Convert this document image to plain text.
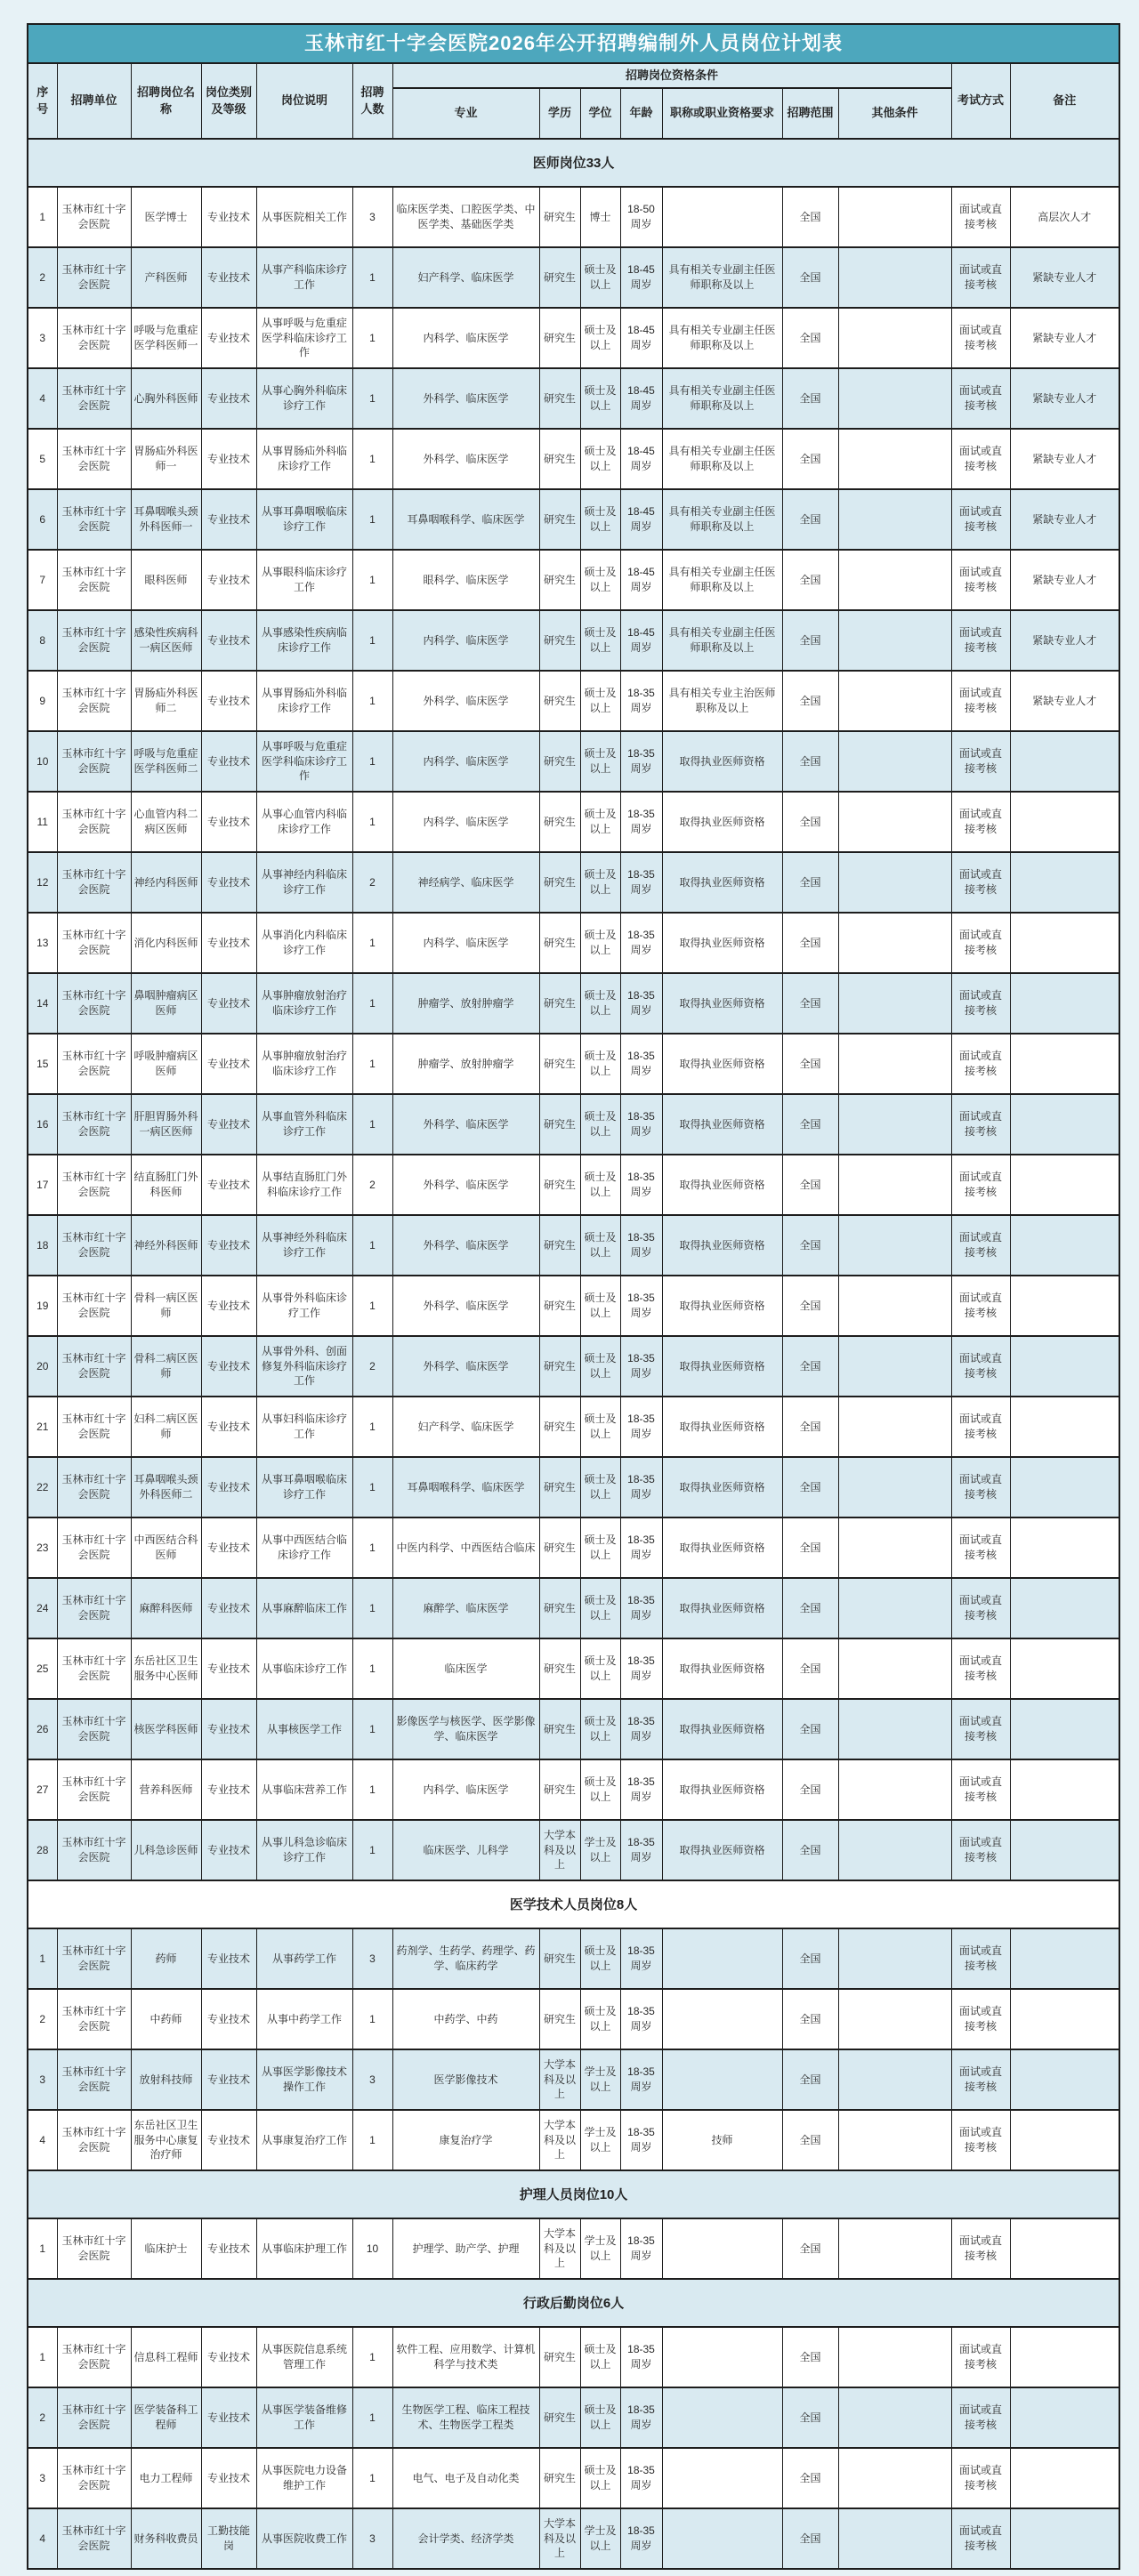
玉林市红十字会医院2026年公开招聘编制外人员岗位计划表														
序号	招聘单位	招聘岗位名称	岗位类别及等级	岗位说明	招聘人数	招聘岗位资格条件							考试方式	备注
						专业	学历	学位	年龄	职称或职业资格要求	招聘范围	其他条件		
医师岗位33人														
1	玉林市红十字会医院	医学博士	专业技术	从事医院相关工作	3	临床医学类、口腔医学类、中医学类、基础医学类	研究生	博士	18-50周岁		全国		面试或直接考核	高层次人才
2	玉林市红十字会医院	产科医师	专业技术	从事产科临床诊疗工作	1	妇产科学、临床医学	研究生	硕士及以上	18-45周岁	具有相关专业副主任医师职称及以上	全国		面试或直接考核	紧缺专业人才
3	玉林市红十字会医院	呼吸与危重症医学科医师一	专业技术	从事呼吸与危重症医学科临床诊疗工作	1	内科学、临床医学	研究生	硕士及以上	18-45周岁	具有相关专业副主任医师职称及以上	全国		面试或直接考核	紧缺专业人才
4	玉林市红十字会医院	心胸外科医师	专业技术	从事心胸外科临床诊疗工作	1	外科学、临床医学	研究生	硕士及以上	18-45周岁	具有相关专业副主任医师职称及以上	全国		面试或直接考核	紧缺专业人才
5	玉林市红十字会医院	胃肠疝外科医师一	专业技术	从事胃肠疝外科临床诊疗工作	1	外科学、临床医学	研究生	硕士及以上	18-45周岁	具有相关专业副主任医师职称及以上	全国		面试或直接考核	紧缺专业人才
6	玉林市红十字会医院	耳鼻咽喉头颈外科医师一	专业技术	从事耳鼻咽喉临床诊疗工作	1	耳鼻咽喉科学、临床医学	研究生	硕士及以上	18-45周岁	具有相关专业副主任医师职称及以上	全国		面试或直接考核	紧缺专业人才
7	玉林市红十字会医院	眼科医师	专业技术	从事眼科临床诊疗工作	1	眼科学、临床医学	研究生	硕士及以上	18-45周岁	具有相关专业副主任医师职称及以上	全国		面试或直接考核	紧缺专业人才
8	玉林市红十字会医院	感染性疾病科一病区医师	专业技术	从事感染性疾病临床诊疗工作	1	内科学、临床医学	研究生	硕士及以上	18-45周岁	具有相关专业副主任医师职称及以上	全国		面试或直接考核	紧缺专业人才
9	玉林市红十字会医院	胃肠疝外科医师二	专业技术	从事胃肠疝外科临床诊疗工作	1	外科学、临床医学	研究生	硕士及以上	18-35周岁	具有相关专业主治医师职称及以上	全国		面试或直接考核	紧缺专业人才
10	玉林市红十字会医院	呼吸与危重症医学科医师二	专业技术	从事呼吸与危重症医学科临床诊疗工作	1	内科学、临床医学	研究生	硕士及以上	18-35周岁	取得执业医师资格	全国		面试或直接考核	
11	玉林市红十字会医院	心血管内科二病区医师	专业技术	从事心血管内科临床诊疗工作	1	内科学、临床医学	研究生	硕士及以上	18-35周岁	取得执业医师资格	全国		面试或直接考核	
12	玉林市红十字会医院	神经内科医师	专业技术	从事神经内科临床诊疗工作	2	神经病学、临床医学	研究生	硕士及以上	18-35周岁	取得执业医师资格	全国		面试或直接考核	
13	玉林市红十字会医院	消化内科医师	专业技术	从事消化内科临床诊疗工作	1	内科学、临床医学	研究生	硕士及以上	18-35周岁	取得执业医师资格	全国		面试或直接考核	
14	玉林市红十字会医院	鼻咽肿瘤病区医师	专业技术	从事肿瘤放射治疗临床诊疗工作	1	肿瘤学、放射肿瘤学	研究生	硕士及以上	18-35周岁	取得执业医师资格	全国		面试或直接考核	
15	玉林市红十字会医院	呼吸肿瘤病区医师	专业技术	从事肿瘤放射治疗临床诊疗工作	1	肿瘤学、放射肿瘤学	研究生	硕士及以上	18-35周岁	取得执业医师资格	全国		面试或直接考核	
16	玉林市红十字会医院	肝胆胃肠外科一病区医师	专业技术	从事血管外科临床诊疗工作	1	外科学、临床医学	研究生	硕士及以上	18-35周岁	取得执业医师资格	全国		面试或直接考核	
17	玉林市红十字会医院	结直肠肛门外科医师	专业技术	从事结直肠肛门外科临床诊疗工作	2	外科学、临床医学	研究生	硕士及以上	18-35周岁	取得执业医师资格	全国		面试或直接考核	
18	玉林市红十字会医院	神经外科医师	专业技术	从事神经外科临床诊疗工作	1	外科学、临床医学	研究生	硕士及以上	18-35周岁	取得执业医师资格	全国		面试或直接考核	
19	玉林市红十字会医院	骨科一病区医师	专业技术	从事骨外科临床诊疗工作	1	外科学、临床医学	研究生	硕士及以上	18-35周岁	取得执业医师资格	全国		面试或直接考核	
20	玉林市红十字会医院	骨科二病区医师	专业技术	从事骨外科、创面修复外科临床诊疗工作	2	外科学、临床医学	研究生	硕士及以上	18-35周岁	取得执业医师资格	全国		面试或直接考核	
21	玉林市红十字会医院	妇科二病区医师	专业技术	从事妇科临床诊疗工作	1	妇产科学、临床医学	研究生	硕士及以上	18-35周岁	取得执业医师资格	全国		面试或直接考核	
22	玉林市红十字会医院	耳鼻咽喉头颈外科医师二	专业技术	从事耳鼻咽喉临床诊疗工作	1	耳鼻咽喉科学、临床医学	研究生	硕士及以上	18-35周岁	取得执业医师资格	全国		面试或直接考核	
23	玉林市红十字会医院	中西医结合科医师	专业技术	从事中西医结合临床诊疗工作	1	中医内科学、中西医结合临床	研究生	硕士及以上	18-35周岁	取得执业医师资格	全国		面试或直接考核	
24	玉林市红十字会医院	麻醉科医师	专业技术	从事麻醉临床工作	1	麻醉学、临床医学	研究生	硕士及以上	18-35周岁	取得执业医师资格	全国		面试或直接考核	
25	玉林市红十字会医院	东岳社区卫生服务中心医师	专业技术	从事临床诊疗工作	1	临床医学	研究生	硕士及以上	18-35周岁	取得执业医师资格	全国		面试或直接考核	
26	玉林市红十字会医院	核医学科医师	专业技术	从事核医学工作	1	影像医学与核医学、医学影像学、临床医学	研究生	硕士及以上	18-35周岁	取得执业医师资格	全国		面试或直接考核	
27	玉林市红十字会医院	营养科医师	专业技术	从事临床营养工作	1	内科学、临床医学	研究生	硕士及以上	18-35周岁	取得执业医师资格	全国		面试或直接考核	
28	玉林市红十字会医院	儿科急诊医师	专业技术	从事儿科急诊临床诊疗工作	1	临床医学、儿科学	大学本科及以上	学士及以上	18-35周岁	取得执业医师资格	全国		面试或直接考核	
医学技术人员岗位8人														
1	玉林市红十字会医院	药师	专业技术	从事药学工作	3	药剂学、生药学、药理学、药学、临床药学	研究生	硕士及以上	18-35周岁		全国		面试或直接考核	
2	玉林市红十字会医院	中药师	专业技术	从事中药学工作	1	中药学、中药	研究生	硕士及以上	18-35周岁		全国		面试或直接考核	
3	玉林市红十字会医院	放射科技师	专业技术	从事医学影像技术操作工作	3	医学影像技术	大学本科及以上	学士及以上	18-35周岁		全国		面试或直接考核	
4	玉林市红十字会医院	东岳社区卫生服务中心康复治疗师	专业技术	从事康复治疗工作	1	康复治疗学	大学本科及以上	学士及以上	18-35周岁	技师	全国		面试或直接考核	
护理人员岗位10人														
1	玉林市红十字会医院	临床护士	专业技术	从事临床护理工作	10	护理学、助产学、护理	大学本科及以上	学士及以上	18-35周岁		全国		面试或直接考核	
行政后勤岗位6人														
1	玉林市红十字会医院	信息科工程师	专业技术	从事医院信息系统管理工作	1	软件工程、应用数学、计算机科学与技术类	研究生	硕士及以上	18-35周岁		全国		面试或直接考核	
2	玉林市红十字会医院	医学装备科工程师	专业技术	从事医学装备维修工作	1	生物医学工程、临床工程技术、生物医学工程类	研究生	硕士及以上	18-35周岁		全国		面试或直接考核	
3	玉林市红十字会医院	电力工程师	专业技术	从事医院电力设备维护工作	1	电气、电子及自动化类	研究生	硕士及以上	18-35周岁		全国		面试或直接考核	
4	玉林市红十字会医院	财务科收费员	工勤技能岗	从事医院收费工作	3	会计学类、经济学类	大学本科及以上	学士及以上	18-35周岁		全国		面试或直接考核	
